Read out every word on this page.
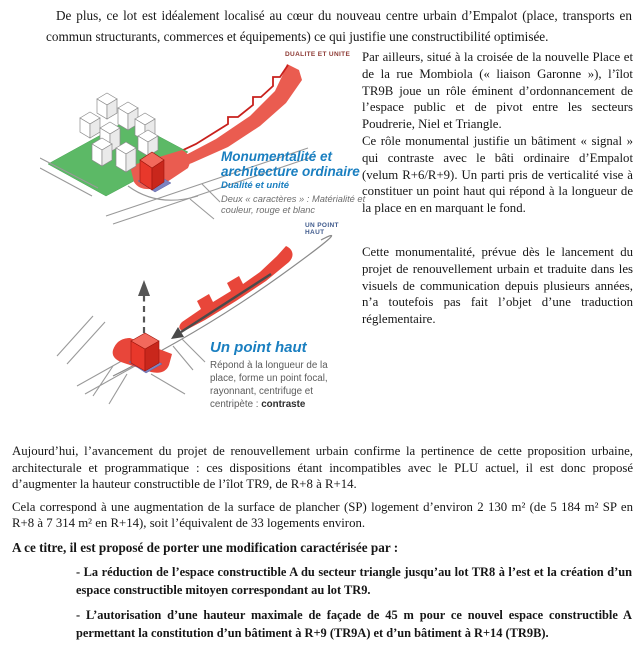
De plus, ce lot est idéalement localisé au cœur du nouveau centre urbain d’Empalot (place, transports en commun structurants, commerces et équipements) ce qui justifie une constructibilité optimisée.

DUALITE ET UNITE
Monumentalité et architecture ordinaire
Dualité et unité
Deux « caractères » : Matérialité et couleur, rouge et blanc
UN POINT HAUT
Un point haut
Répond à la longueur de la place, forme un point focal, rayonnant, centrifuge et centripète : contraste

Par ailleurs, situé à la croisée de la nouvelle Place et de la rue Mombiola (« liaison Garonne »), l’îlot TR9B joue un rôle éminent d’ordonnancement de l’espace public et de pivot entre les secteurs Poudrerie, Niel et Triangle.

Ce rôle monumental justifie un bâtiment « signal » qui contraste avec le bâti ordinaire d’Empalot (velum R+6/R+9). Un parti pris de verticalité vise à constituer un point haut qui répond à la longueur de la place en en marquant le fond.

Cette monumentalité, prévue dès le lancement du projet de renouvellement urbain et traduite dans les visuels de communication depuis plusieurs années, n’a toutefois pas fait l’objet d’une traduction réglementaire.

Aujourd’hui, l’avancement du projet de renouvellement urbain confirme la pertinence de cette proposition urbaine, architecturale et programmatique : ces dispositions étant incompatibles avec le PLU actuel, il est donc proposé d’augmenter la hauteur constructible de l’îlot TR9, de R+8 à R+14.

Cela correspond à une augmentation de la surface de plancher (SP) logement d’environ 2 130 m² (de 5 184 m² SP en R+8 à 7 314 m² en R+14), soit l’équivalent de 33 logements environ.

A ce titre, il est proposé de porter une modification caractérisée par :

- La réduction de l’espace constructible A du secteur triangle jusqu’au lot TR8 à l’est et la création d’un espace constructible mitoyen correspondant au lot TR9.

- L’autorisation d’une hauteur maximale de façade de 45 m pour ce nouvel espace constructible A permettant la constitution d’un bâtiment à R+9 (TR9A) et d’un bâtiment à R+14 (TR9B).
